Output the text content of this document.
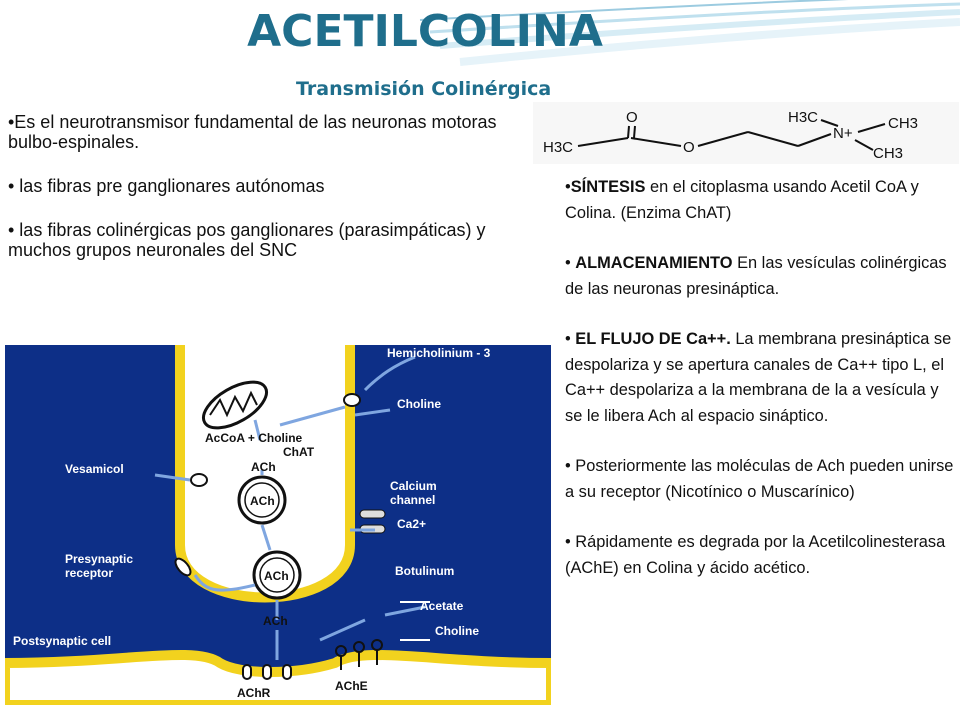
ACETILCOLINA
Transmisión Colinérgica

•Es el neurotransmisor fundamental de las neuronas motoras bulbo-espinales.

• las fibras pre ganglionares autónomas

• las fibras colinérgicas pos ganglionares (parasimpáticas) y muchos grupos neuronales del SNC

H3C
O
O
N+
H3C	CH3
CH3

•SÍNTESIS en el citoplasma usando Acetil CoA y Colina. (Enzima ChAT)

• ALMACENAMIENTO En las vesículas colinérgicas de las neuronas presináptica.

• EL FLUJO DE Ca++. La membrana presináptica se despolariza y se apertura canales de Ca++ tipo L, el Ca++ despolariza a la membrana de la a vesícula y se le libera Ach al espacio sináptico.

• Posteriormente las moléculas de Ach pueden unirse a su receptor (Nicotínico o Muscarínico)

• Rápidamente es degrada por la Acetilcolinesterasa (AChE) en Colina y ácido acético.

Hemicholinium - 3
Choline
Vesamicol
Calcium
channel
Ca2+
Botulinum
Presynaptic
receptor
Acetate
Choline
Postsynaptic cell
AcCoA + Choline
ChAT
ACh
ACh
ACh
ACh
AChR	AChE
